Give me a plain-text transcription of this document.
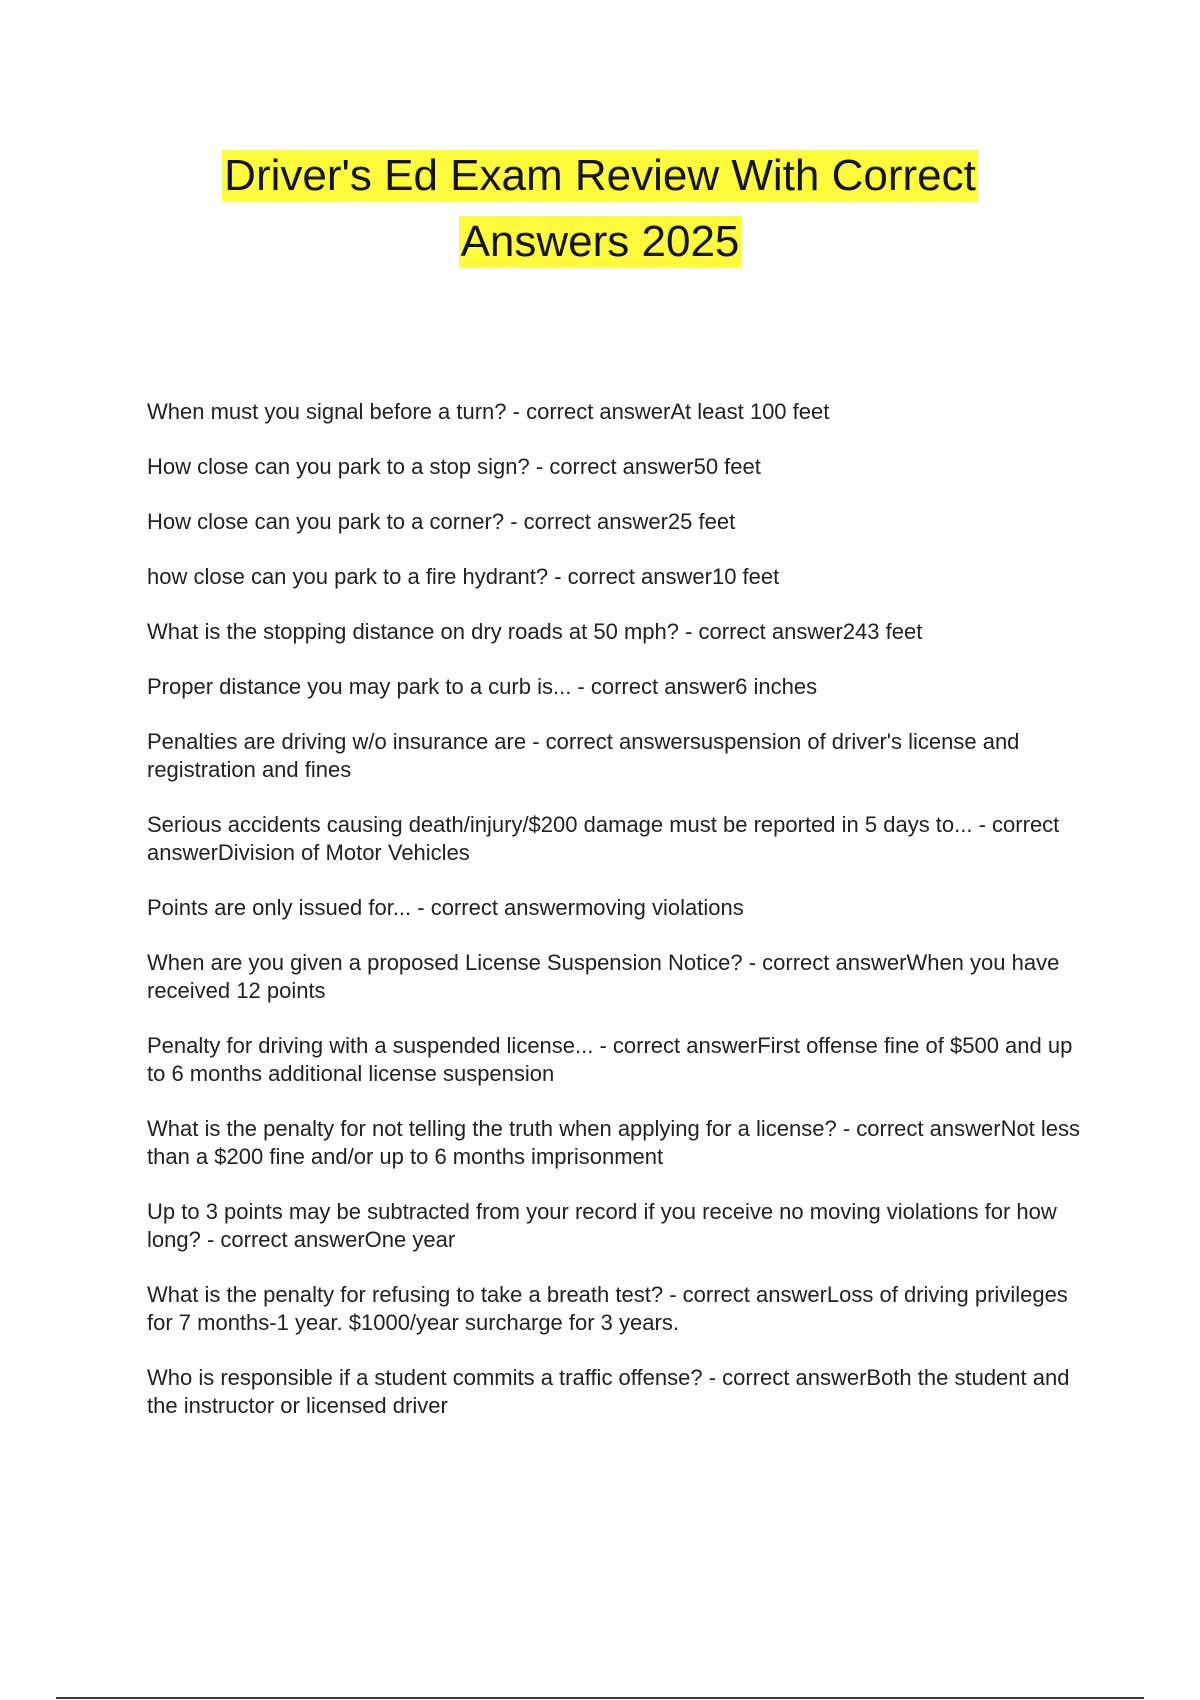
Driver's Ed Exam Review With Correct
Answers 2025
When must you signal before a turn? - correct answerAt least 100 feet
How close can you park to a stop sign? - correct answer50 feet
How close can you park to a corner? - correct answer25 feet
how close can you park to a fire hydrant? - correct answer10 feet
What is the stopping distance on dry roads at 50 mph? - correct answer243 feet
Proper distance you may park to a curb is... - correct answer6 inches
Penalties are driving w/o insurance are - correct answersuspension of driver's license and registration and fines
Serious accidents causing death/injury/$200 damage must be reported in 5 days to... - correct answerDivision of Motor Vehicles
Points are only issued for... - correct answermoving violations
When are you given a proposed License Suspension Notice? - correct answerWhen you have received 12 points
Penalty for driving with a suspended license... - correct answerFirst offense fine of $500 and up to 6 months additional license suspension
What is the penalty for not telling the truth when applying for a license? - correct answerNot less than a $200 fine and/or up to 6 months imprisonment
Up to 3 points may be subtracted from your record if you receive no moving violations for how long? - correct answerOne year
What is the penalty for refusing to take a breath test? - correct answerLoss of driving privileges for 7 months-1 year. $1000/year surcharge for 3 years.
Who is responsible if a student commits a traffic offense? - correct answerBoth the student and the instructor or licensed driver
